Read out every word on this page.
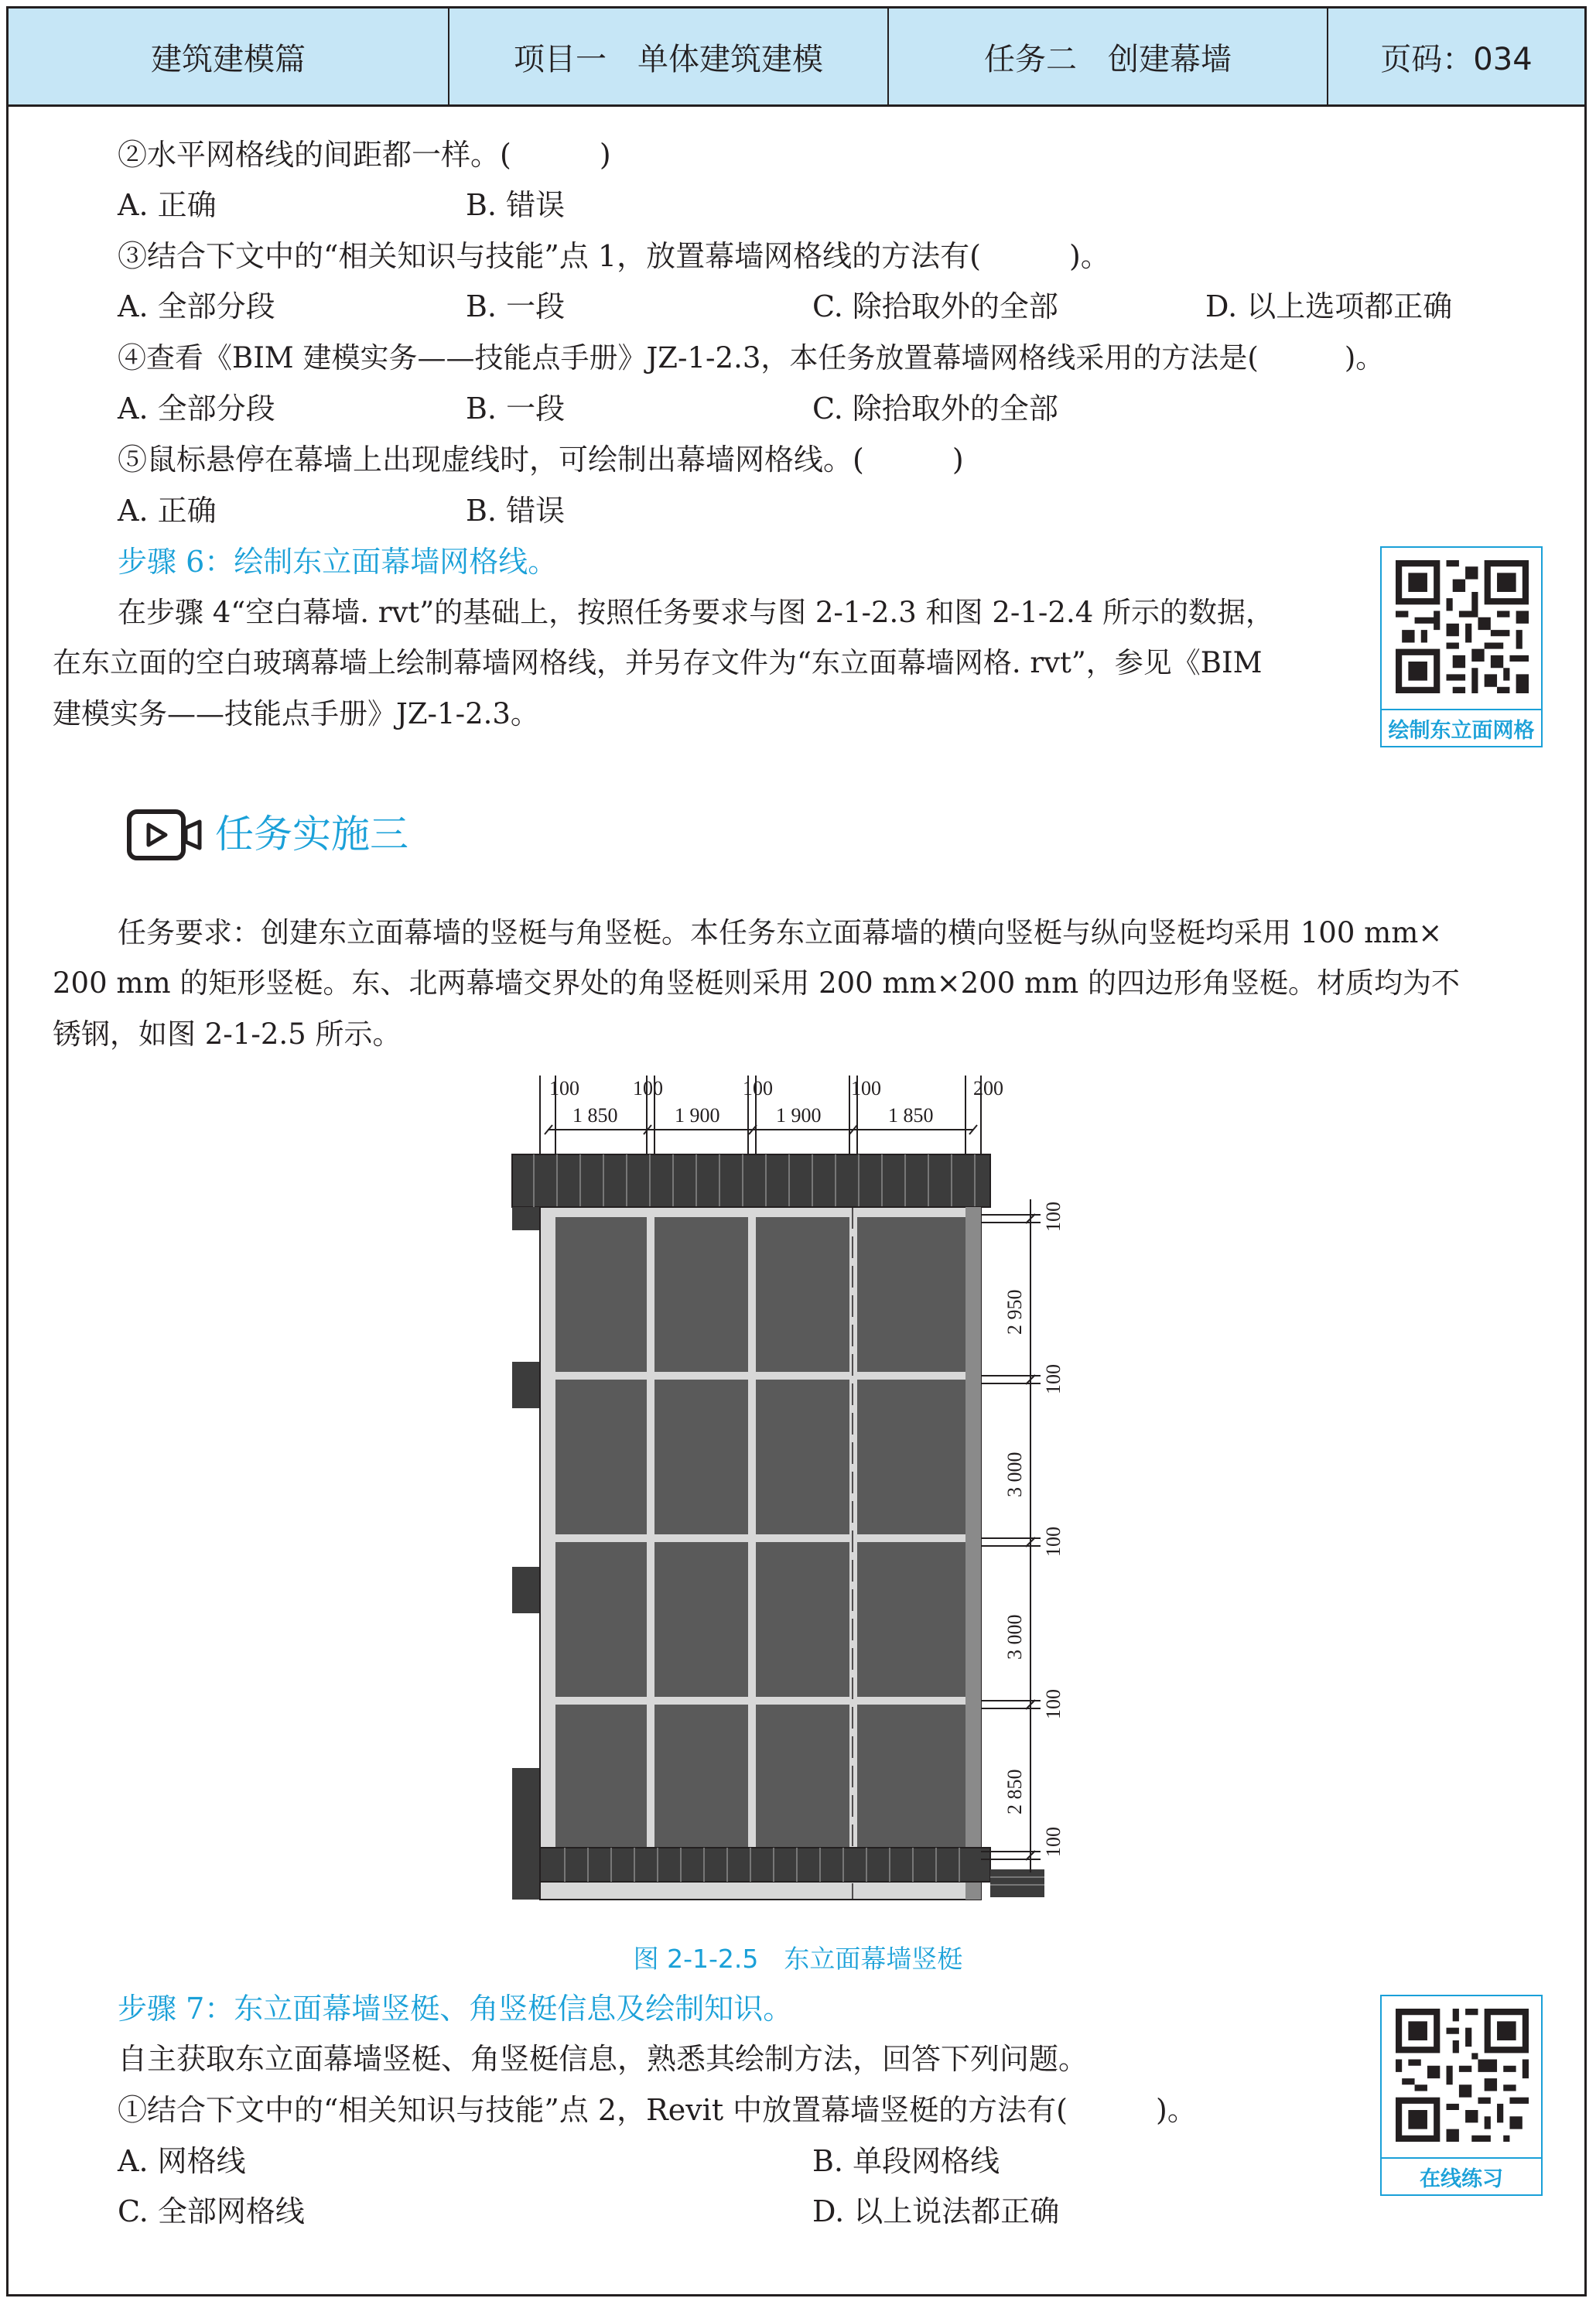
建筑建模篇	项目一　单体建筑建模	任务二　创建幕墙	页码：034
②水平网格线的间距都一样。(　　　)
A. 正确	B. 错误
③结合下文中的“相关知识与技能”点 1，放置幕墙网格线的方法有(　　　)。
A. 全部分段	B. 一段	C. 除拾取外的全部	D. 以上选项都正确
④查看《BIM 建模实务——技能点手册》JZ-1-2.3，本任务放置幕墙网格线采用的方法是(　　　)。
A. 全部分段	B. 一段	C. 除拾取外的全部
⑤鼠标悬停在幕墙上出现虚线时，可绘制出幕墙网格线。(　　　)
A. 正确	B. 错误
步骤 6：绘制东立面幕墙网格线。
在步骤 4“空白幕墙. rvt”的基础上，按照任务要求与图 2-1-2.3 和图 2-1-2.4 所示的数据，
在东立面的空白玻璃幕墙上绘制幕墙网格线，并另存文件为“东立面幕墙网格. rvt”，参见《BIM
建模实务——技能点手册》JZ-1-2.3。	绘制东立面网格
任务实施三
任务要求：创建东立面幕墙的竖梃与角竖梃。本任务东立面幕墙的横向竖梃与纵向竖梃均采用 100 mm×
200 mm 的矩形竖梃。东、北两幕墙交界处的角竖梃则采用 200 mm×200 mm 的四边形角竖梃。材质均为不
锈钢，如图 2-1-2.5 所示。
100	100	100	100	200
1 850	1 900	1 900	1 850
100
100
100
100
100
2 950
3 000
3 000
2 850
图 2-1-2.5　东立面幕墙竖梃
步骤 7：东立面幕墙竖梃、角竖梃信息及绘制知识。
自主获取东立面幕墙竖梃、角竖梃信息，熟悉其绘制方法，回答下列问题。
①结合下文中的“相关知识与技能”点 2，Revit 中放置幕墙竖梃的方法有(　　　)。
A. 网格线	B. 单段网格线
C. 全部网格线	D. 以上说法都正确
在线练习
